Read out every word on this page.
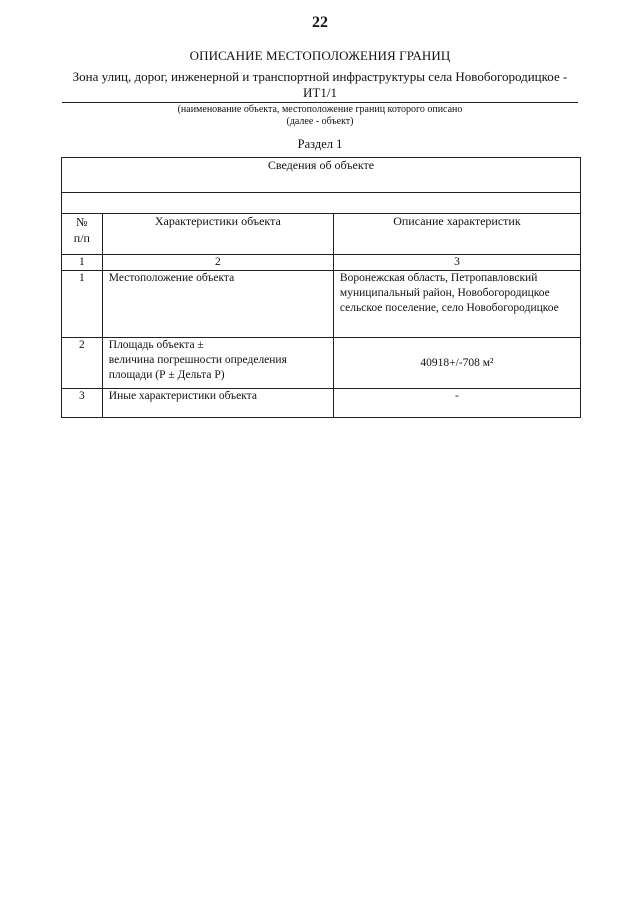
22
ОПИСАНИЕ МЕСТОПОЛОЖЕНИЯ ГРАНИЦ
Зона улиц, дорог, инженерной и транспортной инфраструктуры села Новобогородицкое - ИТ1/1
(наименование объекта, местоположение границ которого описано
(далее - объект)
Раздел 1
Сведения об объекте		

№
п/п	Характеристики объекта	Описание характеристик
1	2	3
1	Местоположение объекта	Воронежская область, Петропавловский муниципальный район, Новобогородицкое сельское поселение, село Новобогородицкое
2	Площадь объекта ±
величина погрешности определения площади (Р ± Дельта Р)	40918+/-708 м²
3	Иные характеристики объекта	-
